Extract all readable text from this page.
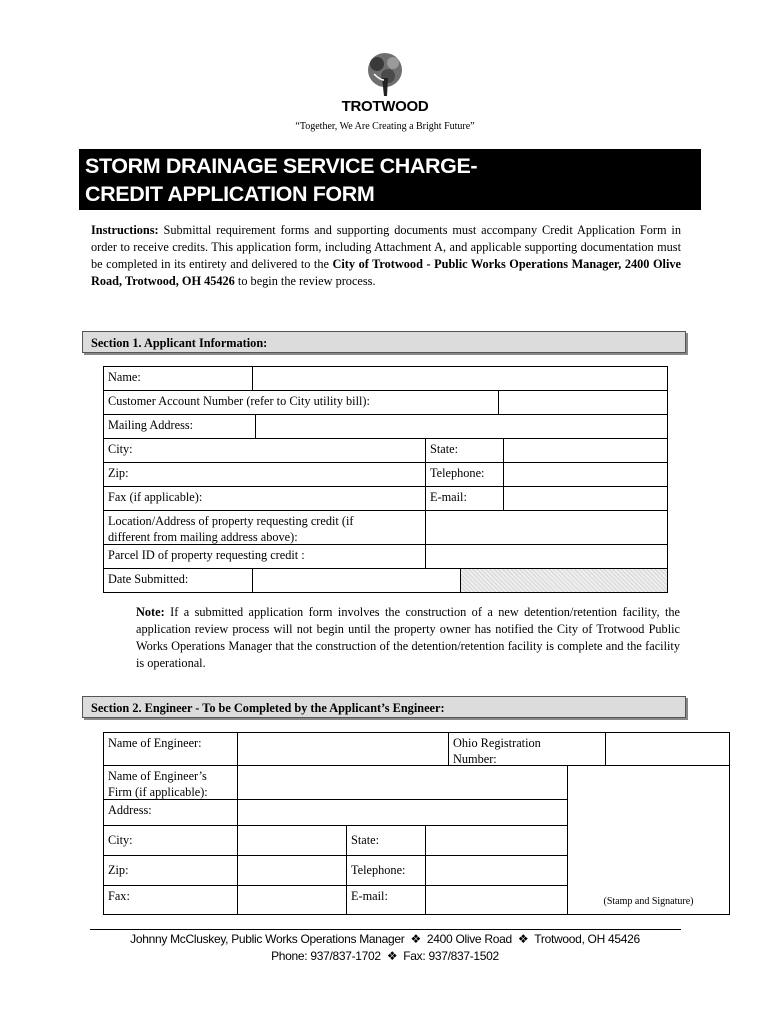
TROTWOOD
“Together, We Are Creating a Bright Future”
STORM DRAINAGE SERVICE CHARGE-
CREDIT APPLICATION FORM
Instructions: Submittal requirement forms and supporting documents must accompany Credit Application Form in order to receive credits. This application form, including Attachment A, and applicable supporting documentation must be completed in its entirety and delivered to the City of Trotwood - Public Works Operations Manager, 2400 Olive Road, Trotwood, OH 45426 to begin the review process.
Section 1. Applicant Information:
Name:
Customer Account Number (refer to City utility bill):
Mailing Address:
City:	State:
Zip:	Telephone:
Fax (if applicable):	E-mail:
Location/Address of property requesting credit (if
different from mailing address above):
Parcel ID of property requesting credit :
Date Submitted:
Note: If a submitted application form involves the construction of a new detention/retention facility, the application review process will not begin until the property owner has notified the City of Trotwood Public Works Operations Manager that the construction of the detention/retention facility is complete and the facility is operational.
Section 2. Engineer - To be Completed by the Applicant’s Engineer:
Name of Engineer:	Ohio Registration
Number:
Name of Engineer’s
Firm (if applicable):
Address:
City:	State:
Zip:	Telephone:
Fax:	E-mail:	(Stamp and Signature)
Johnny McCluskey, Public Works Operations Manager ❖ 2400 Olive Road ❖ Trotwood, OH 45426
Phone: 937/837-1702 ❖ Fax: 937/837-1502
